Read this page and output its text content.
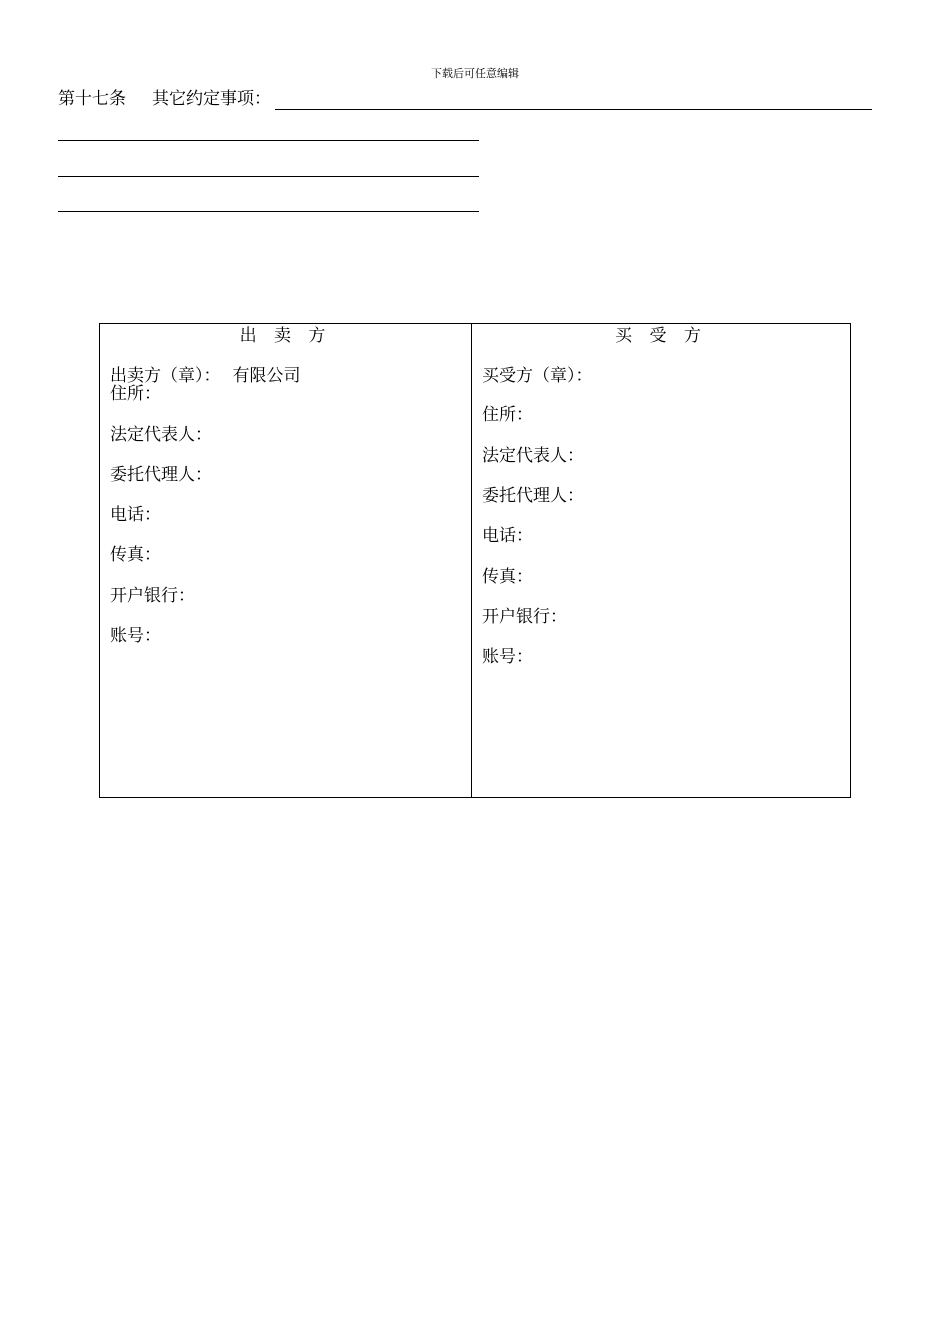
下载后可任意编辑
第十七条 其它约定事项：
出 卖 方
出卖方（章）： 有限公司
住所：
法定代表人：
委托代理人：
电话：
传真：
开户银行：
账号：
买 受 方
买受方（章）：
住所：
法定代表人：
委托代理人：
电话：
传真：
开户银行：
账号：
